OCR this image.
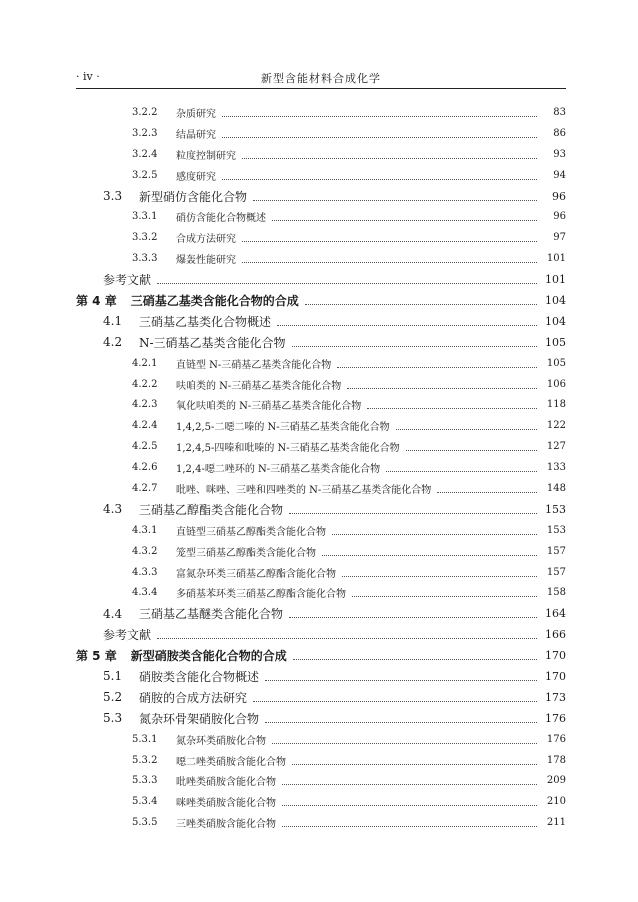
· iv ·	新型含能材料合成化学
3.2.2	杂质研究	83
3.2.3	结晶研究	86
3.2.4	粒度控制研究	93
3.2.5	感度研究	94
3.3	新型硝仿含能化合物	96
3.3.1	硝仿含能化合物概述	96
3.3.2	合成方法研究	97
3.3.3	爆轰性能研究	101
参考文献	101
第 4 章 三硝基乙基类含能化合物的合成	104
4.1	三硝基乙基类化合物概述	104
4.2	N-三硝基乙基类含能化合物	105
4.2.1	直链型 N-三硝基乙基类含能化合物	105
4.2.2	呋咱类的 N-三硝基乙基类含能化合物	106
4.2.3	氧化呋咱类的 N-三硝基乙基类含能化合物	118
4.2.4	1,4,2,5-二噁二嗪的 N-三硝基乙基类含能化合物	122
4.2.5	1,2,4,5-四嗪和吡嗪的 N-三硝基乙基类含能化合物	127
4.2.6	1,2,4-噁二唑环的 N-三硝基乙基类含能化合物	133
4.2.7	吡唑、咪唑、三唑和四唑类的 N-三硝基乙基类含能化合物	148
4.3	三硝基乙醇酯类含能化合物	153
4.3.1	直链型三硝基乙醇酯类含能化合物	153
4.3.2	笼型三硝基乙醇酯类含能化合物	157
4.3.3	富氮杂环类三硝基乙醇酯含能化合物	157
4.3.4	多硝基苯环类三硝基乙醇酯含能化合物	158
4.4	三硝基乙基醚类含能化合物	164
参考文献	166
第 5 章 新型硝胺类含能化合物的合成	170
5.1	硝胺类含能化合物概述	170
5.2	硝胺的合成方法研究	173
5.3	氮杂环骨架硝胺化合物	176
5.3.1	氮杂环类硝胺化合物	176
5.3.2	噁二唑类硝胺含能化合物	178
5.3.3	吡唑类硝胺含能化合物	209
5.3.4	咪唑类硝胺含能化合物	210
5.3.5	三唑类硝胺含能化合物	211
